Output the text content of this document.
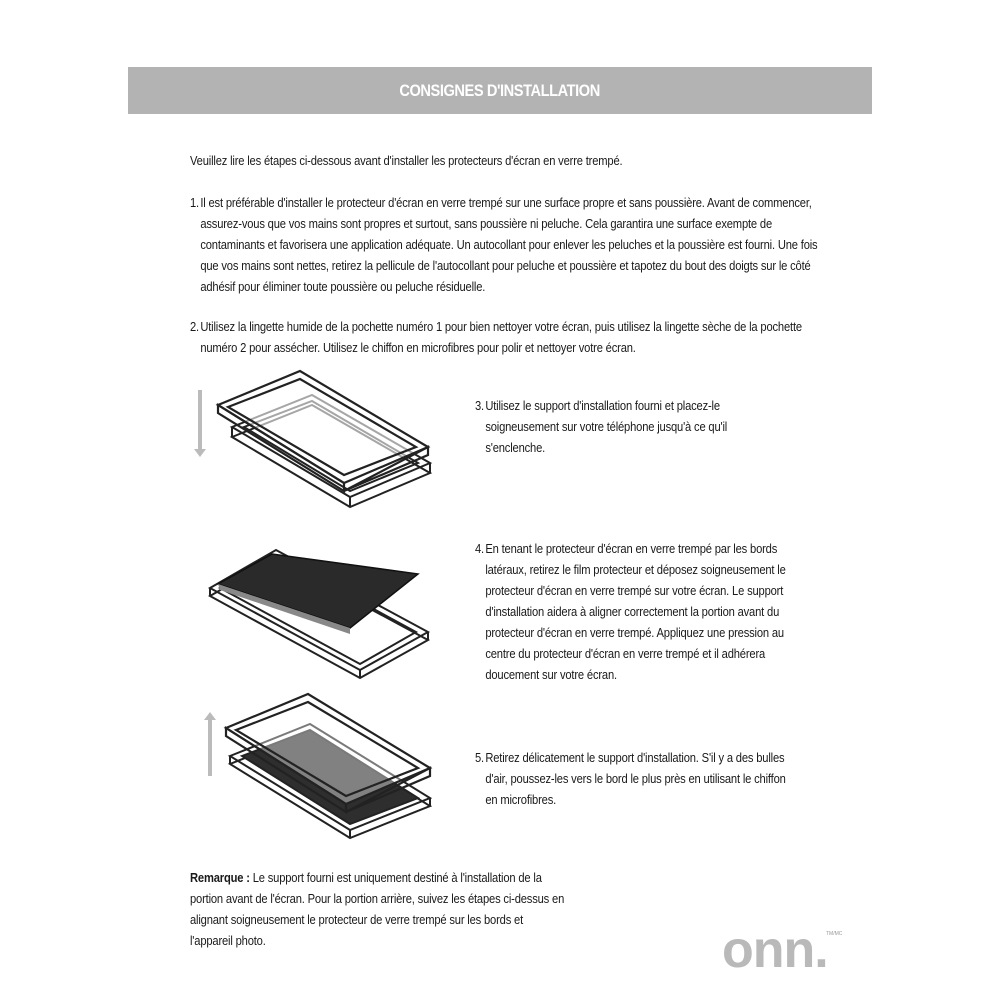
CONSIGNES D'INSTALLATION
Veuillez lire les étapes ci-dessous avant d'installer les protecteurs d'écran en verre trempé.
1. Il est préférable d'installer le protecteur d'écran en verre trempé sur une surface propre et sans poussière. Avant de commencer, assurez-vous que vos mains sont propres et surtout, sans poussière ni peluche. Cela garantira une surface exempte de contaminants et favorisera une application adéquate. Un autocollant pour enlever les peluches et la poussière est fourni. Une fois que vos mains sont nettes, retirez la pellicule de l'autocollant pour peluche et poussière et tapotez du bout des doigts sur le côté adhésif pour éliminer toute poussière ou peluche résiduelle.
2. Utilisez la lingette humide de la pochette numéro 1 pour bien nettoyer votre écran, puis utilisez la lingette sèche de la pochette numéro 2 pour assécher. Utilisez le chiffon en microfibres pour polir et nettoyer votre écran.
3. Utilisez le support d'installation fourni et placez-le soigneusement sur votre téléphone jusqu'à ce qu'il s'enclenche.
4. En tenant le protecteur d'écran en verre trempé par les bords latéraux, retirez le film protecteur et déposez soigneusement le protecteur d'écran en verre trempé sur votre écran. Le support d'installation aidera à aligner correctement la portion avant du protecteur d'écran en verre trempé. Appliquez une pression au centre du protecteur d'écran en verre trempé et il adhérera doucement sur votre écran.
5. Retirez délicatement le support d'installation. S'il y a des bulles d'air, poussez-les vers le bord le plus près en utilisant le chiffon en microfibres.
Remarque : Le support fourni est uniquement destiné à l'installation de la portion avant de l'écran. Pour la portion arrière, suivez les étapes ci-dessus en alignant soigneusement le protecteur de verre trempé sur les bords et l'appareil photo.	onn.
TM/MC
